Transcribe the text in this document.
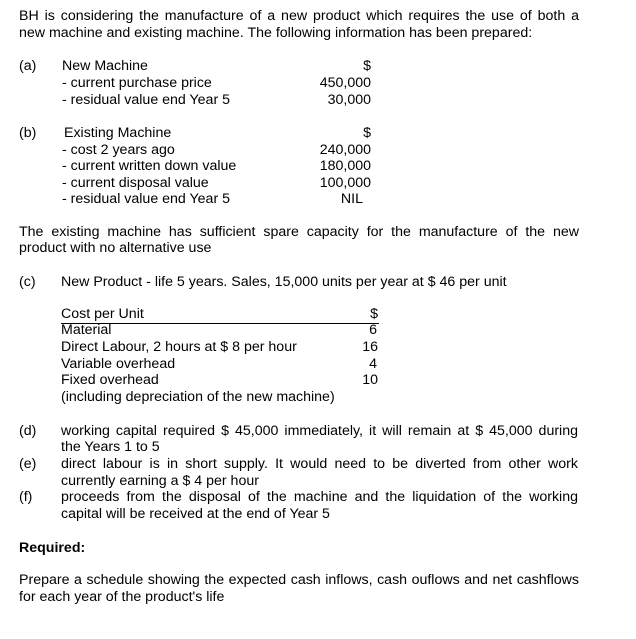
BH is considering the manufacture of a new product which requires the use of both a
new machine and existing machine. The following information has been prepared:
(a) New Machine	$
- current purchase price	450,000
- residual value end Year 5	30,000
(b) Existing Machine	$
- cost 2 years ago	240,000
- current written down value	180,000
- current disposal value	100,000
- residual value end Year 5	NIL
The existing machine has sufficient spare capacity for the manufacture of the new
product with no alternative use
(c) New Product - life 5 years. Sales, 15,000 units per year at $ 46 per unit
Cost per Unit	$
Material	6
Direct Labour, 2 hours at $ 8 per hour	16
Variable overhead	4
Fixed overhead	10
(including depreciation of the new machine)
(d) working capital required $ 45,000 immediately, it will remain at $ 45,000 during
the Years 1 to 5
(e) direct labour is in short supply. It would need to be diverted from other work
currently earning a $ 4 per hour
(f) proceeds from the disposal of the machine and the liquidation of the working
capital will be received at the end of Year 5
Required:
Prepare a schedule showing the expected cash inflows, cash ouflows and net cashflows
for each year of the product's life
